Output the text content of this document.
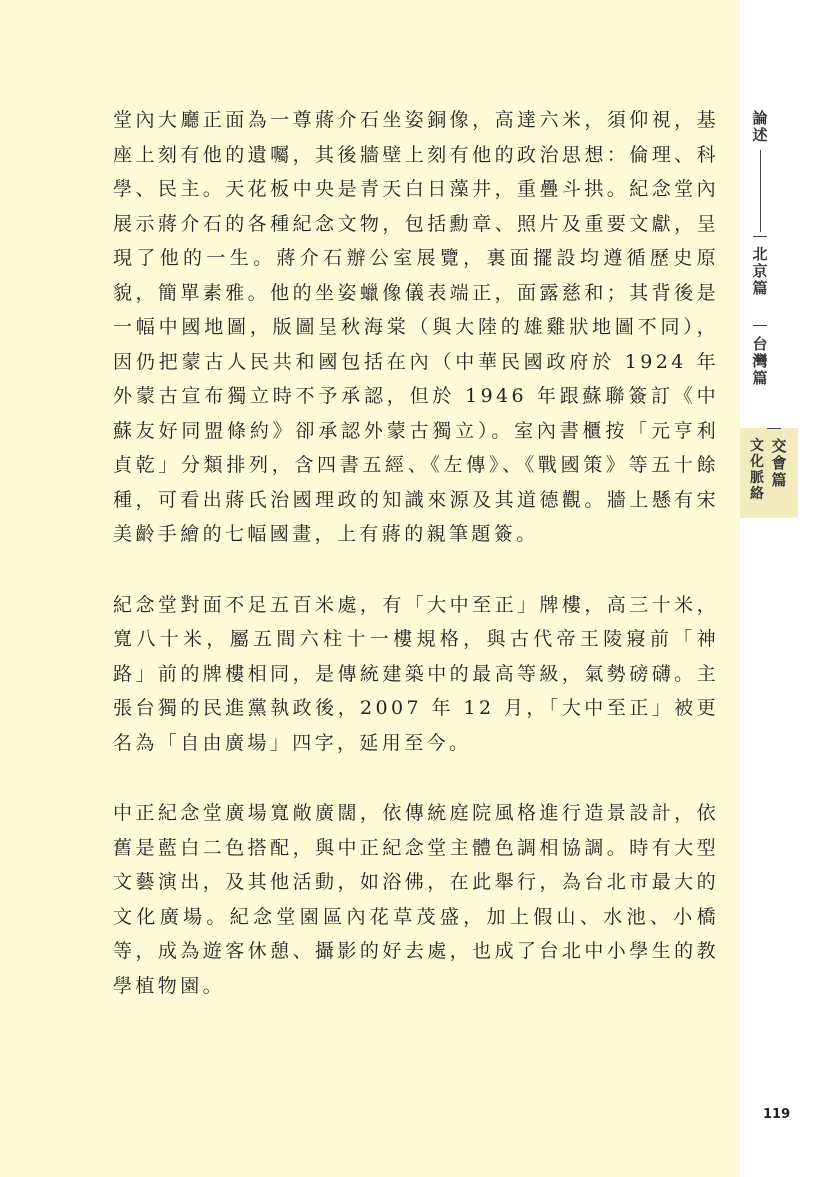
論述
北京篇
台灣篇
交會篇
文化脈絡
119

堂內大廳正面為一尊蔣介石坐姿銅像，高達六米，須仰視，基座上刻有他的遺囑，其後牆壁上刻有他的政治思想：倫理、科學、民主。天花板中央是青天白日藻井，重疊斗拱。紀念堂內展示蔣介石的各種紀念文物，包括勳章、照片及重要文獻，呈現了他的一生。蔣介石辦公室展覽，裏面擺設均遵循歷史原貌，簡單素雅。他的坐姿蠟像儀表端正，面露慈和；其背後是一幅中國地圖，版圖呈秋海棠（與大陸的雄雞狀地圖不同），因仍把蒙古人民共和國包括在內（中華民國政府於 1924 年外蒙古宣布獨立時不予承認，但於 1946 年跟蘇聯簽訂《中蘇友好同盟條約》卻承認外蒙古獨立）。室內書櫃按「元亨利貞乾」分類排列，含四書五經、《左傳》、《戰國策》等五十餘種，可看出蔣氏治國理政的知識來源及其道德觀。牆上懸有宋美齡手繪的七幅國畫，上有蔣的親筆題簽。

紀念堂對面不足五百米處，有「大中至正」牌樓，高三十米，寬八十米，屬五間六柱十一樓規格，與古代帝王陵寢前「神路」前的牌樓相同，是傳統建築中的最高等級，氣勢磅礴。主張台獨的民進黨執政後，2007 年 12 月，「大中至正」被更名為「自由廣場」四字，延用至今。

中正紀念堂廣場寬敞廣闊，依傳統庭院風格進行造景設計，依舊是藍白二色搭配，與中正紀念堂主體色調相協調。時有大型文藝演出，及其他活動，如浴佛，在此舉行，為台北市最大的文化廣場。紀念堂園區內花草茂盛，加上假山、水池、小橋等，成為遊客休憩、攝影的好去處，也成了台北中小學生的教學植物園。
